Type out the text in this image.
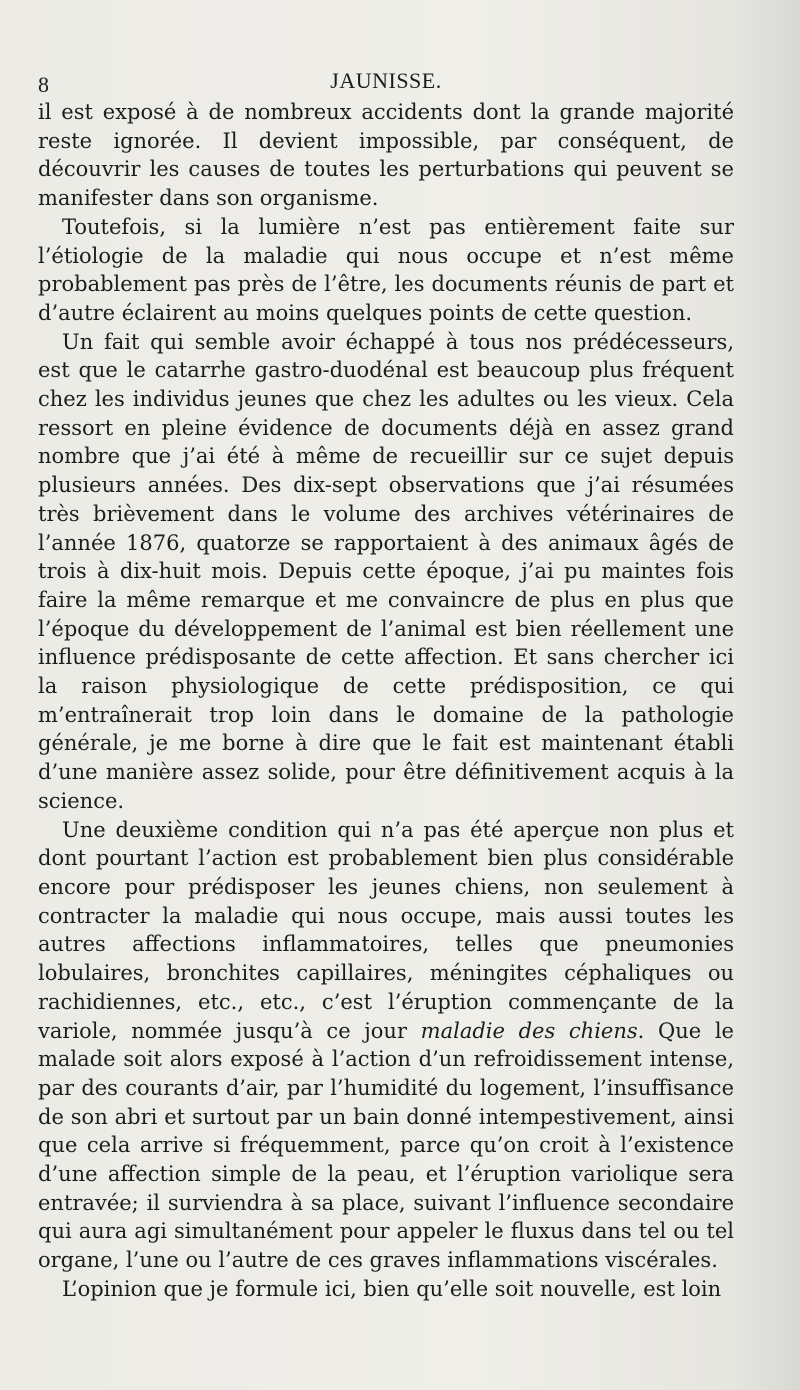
8	JAUNISSE.

il est exposé à de nombreux accidents dont la grande majorité reste ignorée. Il devient impossible, par conséquent, de découvrir les causes de toutes les perturbations qui peuvent se manifester dans son organisme.

Toutefois, si la lumière n’est pas entièrement faite sur l’étiologie de la maladie qui nous occupe et n’est même probablement pas près de l’être, les documents réunis de part et d’autre éclairent au moins quelques points de cette question.

Un fait qui semble avoir échappé à tous nos prédécesseurs, est que le catarrhe gastro-duodénal est beaucoup plus fréquent chez les individus jeunes que chez les adultes ou les vieux. Cela ressort en pleine évidence de documents déjà en assez grand nombre que j’ai été à même de recueillir sur ce sujet depuis plusieurs années. Des dix-sept observations que j’ai résumées très brièvement dans le volume des archives vétérinaires de l’année 1876, quatorze se rapportaient à des animaux âgés de trois à dix-huit mois. Depuis cette époque, j’ai pu maintes fois faire la même remarque et me convaincre de plus en plus que l’époque du développement de l’animal est bien réellement une influence prédisposante de cette affection. Et sans chercher ici la raison physiologique de cette prédisposition, ce qui m’entraînerait trop loin dans le domaine de la pathologie générale, je me borne à dire que le fait est maintenant établi d’une manière assez solide, pour être définitivement acquis à la science.

Une deuxième condition qui n’a pas été aperçue non plus et dont pourtant l’action est probablement bien plus considérable encore pour prédisposer les jeunes chiens, non seulement à contracter la maladie qui nous occupe, mais aussi toutes les autres affections inflammatoires, telles que pneumonies lobulaires, bronchites capillaires, méningites céphaliques ou rachidiennes, etc., etc., c’est l’éruption commençante de la variole, nommée jusqu’à ce jour maladie des chiens. Que le malade soit alors exposé à l’action d’un refroidissement intense, par des courants d’air, par l’humidité du logement, l’insuffisance de son abri et surtout par un bain donné intempestivement, ainsi que cela arrive si fréquemment, parce qu’on croit à l’existence d’une affection simple de la peau, et l’éruption variolique sera entravée; il surviendra à sa place, suivant l’influence secondaire qui aura agi simultanément pour appeler le fluxus dans tel ou tel organe, l’une ou l’autre de ces graves inflammations viscérales.

L’opinion que je formule ici, bien qu’elle soit nouvelle, est loin
